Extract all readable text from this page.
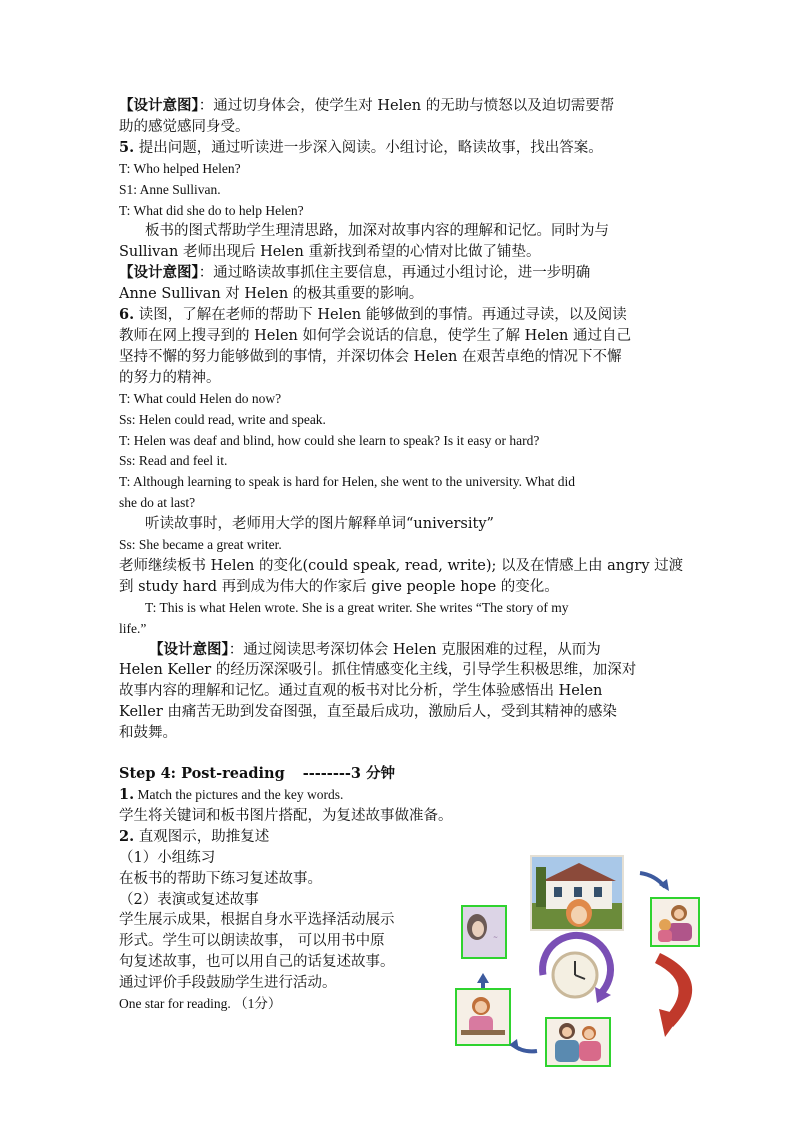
【设计意图】：通过切身体会，使学生对 Helen 的无助与愤怒以及迫切需要帮
助的感觉感同身受。
5. 提出问题，通过听读进一步深入阅读。小组讨论，略读故事，找出答案。
T: Who helped Helen?
S1: Anne Sullivan.
T: What did she do to help Helen?
板书的图式帮助学生理清思路，加深对故事内容的理解和记忆。同时为与
Sullivan 老师出现后 Helen 重新找到希望的心情对比做了铺垫。
【设计意图】：通过略读故事抓住主要信息，再通过小组讨论，进一步明确
Anne Sullivan 对 Helen 的极其重要的影响。
6. 读图，了解在老师的帮助下 Helen 能够做到的事情。再通过寻读，以及阅读
教师在网上搜寻到的 Helen 如何学会说话的信息，使学生了解 Helen 通过自己
坚持不懈的努力能够做到的事情，并深切体会 Helen 在艰苦卓绝的情况下不懈
的努力的精神。
T: What could Helen do now?
Ss: Helen could read, write and speak.
T: Helen was deaf and blind, how could she learn to speak? Is it easy or hard?
Ss: Read and feel it.
T: Although learning to speak is hard for Helen, she went to the university. What did
she do at last?
听读故事时，老师用大学的图片解释单词“university”
Ss: She became a great writer.
老师继续板书 Helen 的变化(could speak, read, write); 以及在情感上由 angry 过渡
到 study hard 再到成为伟大的作家后 give people hope 的变化。
T: This is what Helen wrote. She is a great writer. She writes “The story of my
life.”
【设计意图】：通过阅读思考深切体会 Helen 克服困难的过程，从而为
Helen Keller 的经历深深吸引。抓住情感变化主线，引导学生积极思维，加深对
故事内容的理解和记忆。通过直观的板书对比分析，学生体验感悟出 Helen
Keller 由痛苦无助到发奋图强，直至最后成功，激励后人，受到其精神的感染
和鼓舞。
Step 4: Post-reading --------3 分钟
1. Match the pictures and the key words.
学生将关键词和板书图片搭配，为复述故事做准备。
2. 直观图示，助推复述
（1）小组练习
在板书的帮助下练习复述故事。
（2）表演或复述故事
学生展示成果，根据自身水平选择活动展示
形式。学生可以朗读故事， 可以用书中原
句复述故事，也可以用自己的话复述故事。
通过评价手段鼓励学生进行活动。
One star for reading. （1分）
~
